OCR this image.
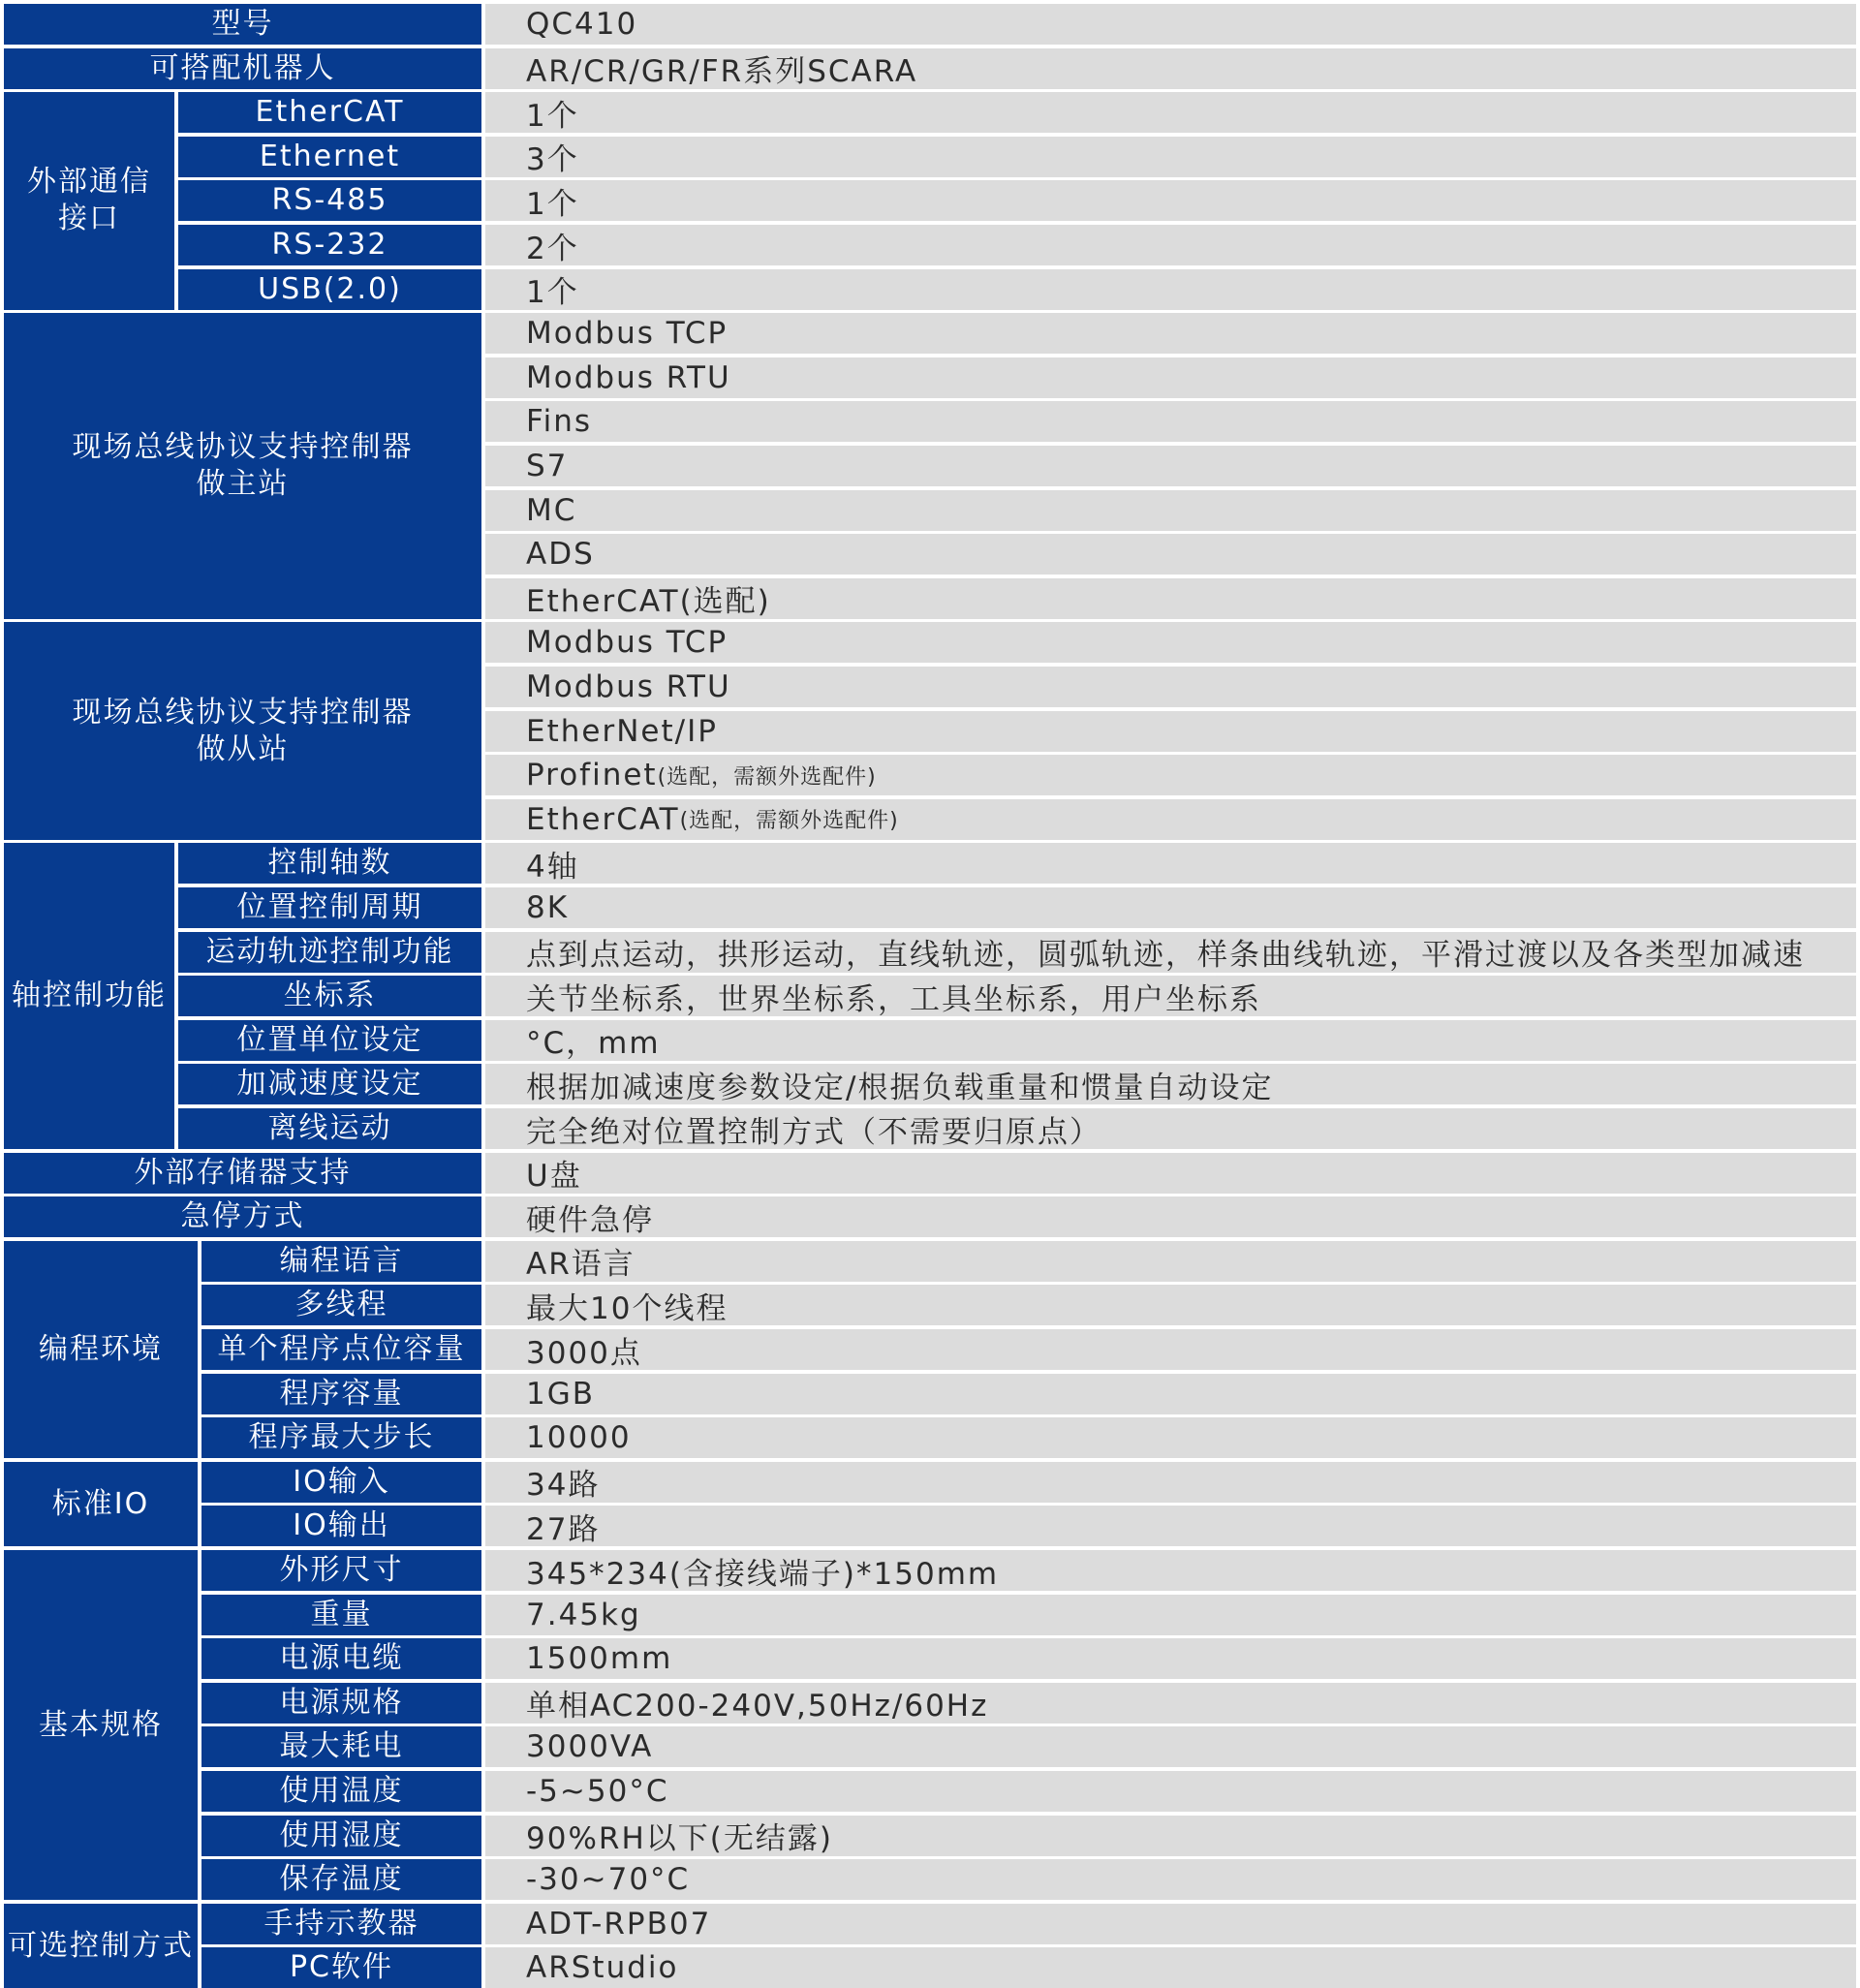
型号	QC410
可搭配机器人	AR/CR/GR/FR系列SCARA
外部通信
接口
EtherCAT	1个
Ethernet	3个
RS-485	1个
RS-232	2个
USB(2.0)	1个
现场总线协议支持控制器
做主站
Modbus TCP
Modbus RTU
Fins
S7
MC
ADS
EtherCAT(选配)
现场总线协议支持控制器
做从站
Modbus TCP
Modbus RTU
EtherNet/IP
Profinet (选配，需额外选配件)
EtherCAT (选配，需额外选配件)
轴控制功能
控制轴数	4轴
位置控制周期	8K
运动轨迹控制功能 点到点运动，拱形运动，直线轨迹，圆弧轨迹，样条曲线轨迹，平滑过渡以及各类型加减速
坐标系	关节坐标系，世界坐标系，工具坐标系，用户坐标系
位置单位设定	°C，mm
加减速度设定	根据加减速度参数设定/根据负载重量和惯量自动设定
离线运动	完全绝对位置控制方式（不需要归原点）
外部存储器支持	U盘
急停方式	硬件急停
编程环境
编程语言	AR语言
多线程	最大10个线程
单个程序点位容量 3000点
程序容量	1GB
程序最大步长	10000
标准IO
IO输入	34路
IO输出	27路
基本规格
外形尺寸	345*234(含接线端子)*150mm
重量	7.45kg
电源电缆	1500mm
电源规格	单相AC200-240V,50Hz/60Hz
最大耗电	3000VA
使用温度	-5~50°C
使用湿度	90%RH以下(无结露)
保存温度	-30~70°C
可选控制方式
手持示教器	ADT-RPB07
PC软件	ARStudio
